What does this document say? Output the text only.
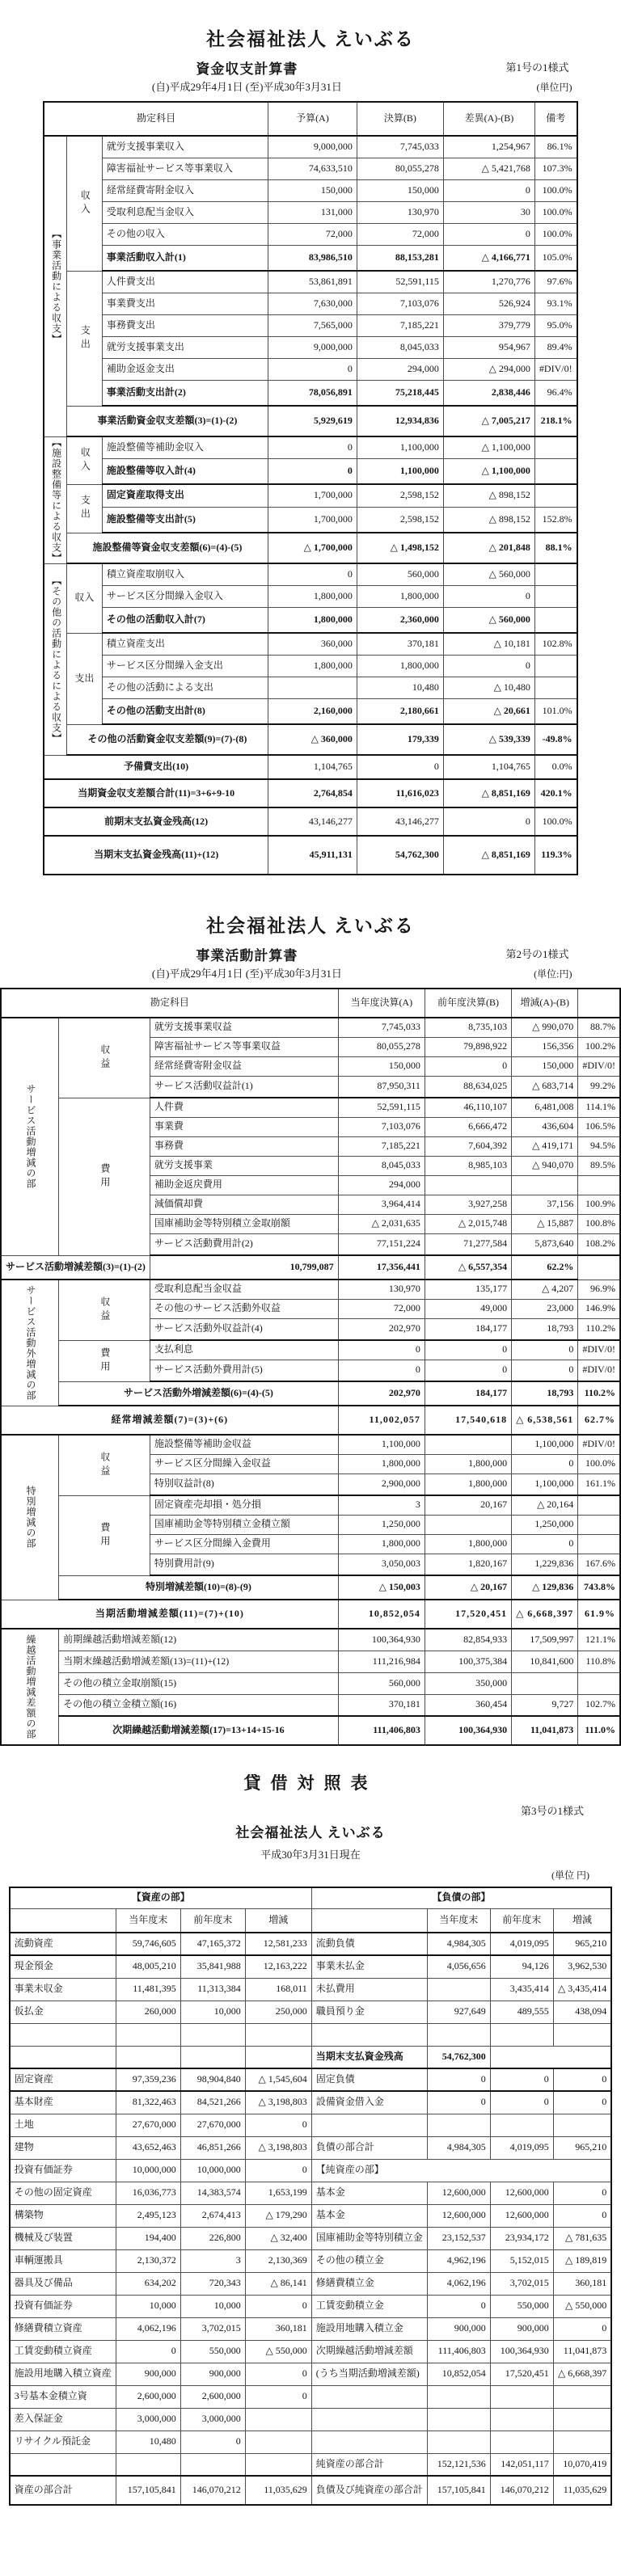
社会福祉法人 えいぶる
資金収支計算書	第1号の1様式
(自)平成29年4月1日 (至)平成30年3月31日	(単位円)
勘定科目			予算(A)	決算(B)	差異(A)-(B)	備考
【事業活動による収支】	収入	就労支援事業収入	9,000,000	7,745,033	1,254,967	86.1%
		障害福祉サービス等事業収入	74,633,510	80,055,278	△ 5,421,768	107.3%
		経常経費寄附金収入	150,000	150,000	0	100.0%
		受取利息配当金収入	131,000	130,970	30	100.0%
		その他の収入	72,000	72,000	0	100.0%
		事業活動収入計(1)	83,986,510	88,153,281	△ 4,166,771	105.0%
	支出	人件費支出	53,861,891	52,591,115	1,270,776	97.6%
		事業費支出	7,630,000	7,103,076	526,924	93.1%
		事務費支出	7,565,000	7,185,221	379,779	95.0%
		就労支援事業支出	9,000,000	8,045,033	954,967	89.4%
		補助金返金支出	0	294,000	△ 294,000	#DIV/0!
		事業活動支出計(2)	78,056,891	75,218,445	2,838,446	96.4%
	事業活動資金収支差額(3)=(1)-(2)		5,929,619	12,934,836	△ 7,005,217	218.1%
【施設整備等による収支】	収入	施設整備等補助金収入	0	1,100,000	△ 1,100,000	
		施設整備等収入計(4)	0	1,100,000	△ 1,100,000	
	支出	固定資産取得支出	1,700,000	2,598,152	△ 898,152	
		施設整備等支出計(5)	1,700,000	2,598,152	△ 898,152	152.8%
	施設整備等資金収支差額(6)=(4)-(5)		△ 1,700,000	△ 1,498,152	△ 201,848	88.1%
【その他の活動によるによる収支】	収入	積立資産取崩収入	0	560,000	△ 560,000	
		サービス区分間繰入金収入	1,800,000	1,800,000	0	
		その他の活動収入計(7)	1,800,000	2,360,000	△ 560,000	
	支出	積立資産支出	360,000	370,181	△ 10,181	102.8%
		サービス区分間繰入金支出	1,800,000	1,800,000	0	
		その他の活動による支出		10,480	△ 10,480	
		その他の活動支出計(8)	2,160,000	2,180,661	△ 20,661	101.0%
	その他の活動資金収支差額(9)=(7)-(8)		△ 360,000	179,339	△ 539,339	-49.8%
予備費支出(10)			1,104,765	0	1,104,765	0.0%
当期資金収支差額合計(11)=3+6+9-10			2,764,854	11,616,023	△ 8,851,169	420.1%
前期末支払資金残高(12)			43,146,277	43,146,277	0	100.0%
当期末支払資金残高(11)+(12)			45,911,131	54,762,300	△ 8,851,169	119.3%
社会福祉法人 えいぶる
事業活動計算書	第2号の1様式
(自)平成29年4月1日 (至)平成30年3月31日	(単位:円)
勘定科目			当年度決算(A)	前年度決算(B)	増減(A)-(B)	
サービス活動増減の部	収益	就労支援事業収益	7,745,033	8,735,103	△ 990,070	88.7%
		障害福祉サービス等事業収益	80,055,278	79,898,922	156,356	100.2%
		経常経費寄附金収益	150,000	0	150,000	#DIV/0!
		サービス活動収益計(1)	87,950,311	88,634,025	△ 683,714	99.2%
	費用	人件費	52,591,115	46,110,107	6,481,008	114.1%
		事業費	7,103,076	6,666,472	436,604	106.5%
		事務費	7,185,221	7,604,392	△ 419,171	94.5%
		就労支援事業	8,045,033	8,985,103	△ 940,070	89.5%
		補助金返戻費用	294,000			
		減価償却費	3,964,414	3,927,258	37,156	100.9%
		国庫補助金等特別積立金取崩額	△ 2,031,635	△ 2,015,748	△ 15,887	100.8%
		サービス活動費用計(2)	77,151,224	71,277,584	5,873,640	108.2%
サービス活動増減差額(3)=(1)-(2)		10,799,087	17,356,441	△ 6,557,354	62.2%	
サービス活動外増減の部	収益	受取利息配当金収益	130,970	135,177	△ 4,207	96.9%
		その他のサービス活動外収益	72,000	49,000	23,000	146.9%
		サービス活動外収益計(4)	202,970	184,177	18,793	110.2%
	費用	支払利息	0	0	0	#DIV/0!
		サービス活動外費用計(5)	0	0	0	#DIV/0!
	サービス活動外増減差額(6)=(4)-(5)		202,970	184,177	18,793	110.2%
経常増減差額(7)=(3)+(6)			11,002,057	17,540,618	△ 6,538,561	62.7%
特別増減の部	収益	施設整備等補助金収益	1,100,000		1,100,000	#DIV/0!
		サービス区分間繰入金収益	1,800,000	1,800,000	0	100.0%
		特別収益計(8)	2,900,000	1,800,000	1,100,000	161.1%
	費用	固定資産売却損・処分損	3	20,167	△ 20,164	
		国庫補助金等特別積立金積立額	1,250,000		1,250,000	
		サービス区分間繰入金費用	1,800,000	1,800,000	0	
		特別費用計(9)	3,050,003	1,820,167	1,229,836	167.6%
	特別増減差額(10)=(8)-(9)		△ 150,003	△ 20,167	△ 129,836	743.8%
当期活動増減差額(11)=(7)+(10)			10,852,054	17,520,451	△ 6,668,397	61.9%
繰越活動増減差額の部	前期繰越活動増減差額(12)		100,364,930	82,854,933	17,509,997	121.1%
	当期末繰越活動増減差額(13)=(11)+(12)		111,216,984	100,375,384	10,841,600	110.8%
	その他の積立金取崩額(15)		560,000	350,000		
	その他の積立金積立額(16)		370,181	360,454	9,727	102.7%
	次期繰越活動増減差額(17)=13+14+15-16		111,406,803	100,364,930	11,041,873	111.0%
貸借対照表
第3号の1様式
社会福祉法人 えいぶる
平成30年3月31日現在
(単位 円)
【資産の部】				【負債の部】			
	当年度末	前年度末	増減		当年度末	前年度末	増減
流動資産	59,746,605	47,165,372	12,581,233	流動負債	4,984,305	4,019,095	965,210
現金預金	48,005,210	35,841,988	12,163,222	事業未払金	4,056,656	94,126	3,962,530
事業未収金	11,481,395	11,313,384	168,011	未払費用		3,435,414	△ 3,435,414
仮払金	260,000	10,000	250,000	職員預り金	927,649	489,555	438,094

				当期末支払資金残高	54,762,300		
固定資産	97,359,236	98,904,840	△ 1,545,604	固定負債	0	0	0
基本財産	81,322,463	84,521,266	△ 3,198,803	設備資金借入金	0	0	0
土地	27,670,000	27,670,000	0				
建物	43,652,463	46,851,266	△ 3,198,803	負債の部合計	4,984,305	4,019,095	965,210
投資有価証券	10,000,000	10,000,000	0	【純資産の部】			
その他の固定資産	16,036,773	14,383,574	1,653,199	基本金	12,600,000	12,600,000	0
構築物	2,495,123	2,674,413	△ 179,290	基本金	12,600,000	12,600,000	0
機械及び装置	194,400	226,800	△ 32,400	国庫補助金等特別積立金	23,152,537	23,934,172	△ 781,635
車輌運搬具	2,130,372	3	2,130,369	その他の積立金	4,962,196	5,152,015	△ 189,819
器具及び備品	634,202	720,343	△ 86,141	修繕費積立金	4,062,196	3,702,015	360,181
投資有価証券	10,000	10,000	0	工賃変動積立金	0	550,000	△ 550,000
修繕費積立資産	4,062,196	3,702,015	360,181	施設用地購入積立金	900,000	900,000	0
工賃変動積立資産	0	550,000	△ 550,000	次期繰越活動増減差額	111,406,803	100,364,930	11,041,873
施設用地購入積立資産	900,000	900,000	0	(うち当期活動増減差額)	10,852,054	17,520,451	△ 6,668,397
3号基本金積立資	2,600,000	2,600,000	0				
差入保証金	3,000,000	3,000,000					
リサイクル預託金	10,480	0					
				純資産の部合計	152,121,536	142,051,117	10,070,419
資産の部合計	157,105,841	146,070,212	11,035,629	負債及び純資産の部合計	157,105,841	146,070,212	11,035,629
